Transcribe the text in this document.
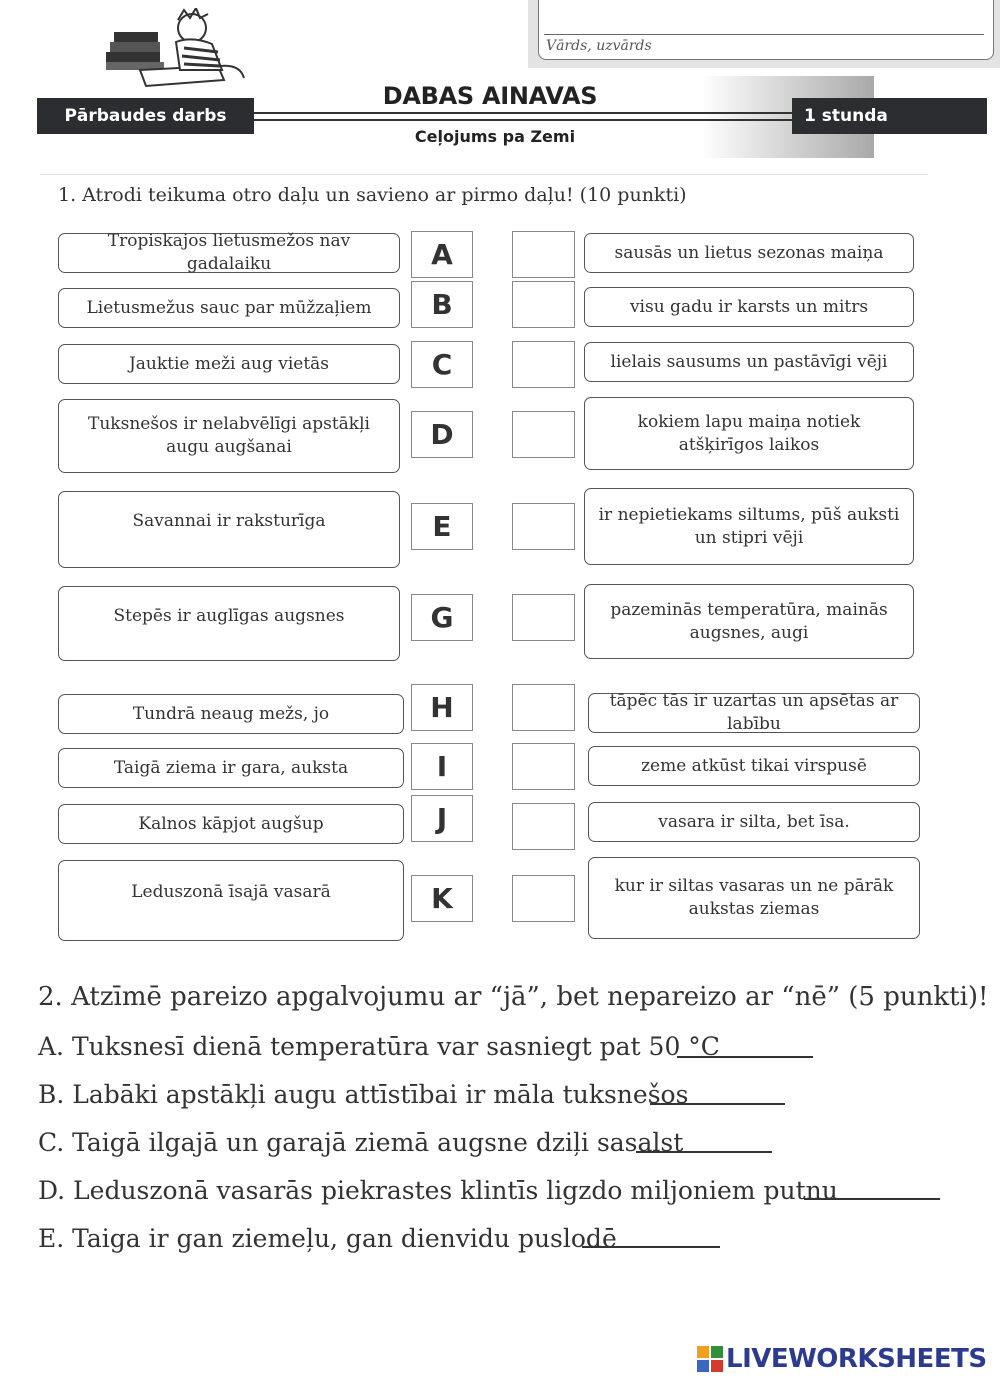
Vārds, uzvārds
Pārbaudes darbs	1 stunda
DABAS AINAVAS
Ceļojums pa Zemi
1. Atrodi teikuma otro daļu un savieno ar pirmo daļu! (10 punkti)
Tropiskajos lietusmežos nav gadalaiku	A	sausās un lietus sezonas maiņa
Lietusmežus sauc par mūžzaļiem	B	visu gadu ir karsts un mitrs
Jauktie meži aug vietās	C	lielais sausums un pastāvīgi vēji
Tuksnešos ir nelabvēlīgi apstākļi augu augšanai	D	kokiem lapu maiņa notiek atšķirīgos laikos
Savannai ir raksturīga	E	ir nepietiekams siltums, pūš auksti un stipri vēji
Stepēs ir auglīgas augsnes	G	pazeminās temperatūra, mainās augsnes, augi
Tundrā neaug mežs, jo	H	tāpēc tās ir uzartas un apsētas ar labību
Taigā ziema ir gara, auksta	I	zeme atkūst tikai virspusē
Kalnos kāpjot augšup	J	vasara ir silta, bet īsa.
Leduszonā īsajā vasarā	K	kur ir siltas vasaras un ne pārāk aukstas ziemas
2. Atzīmē pareizo apgalvojumu ar “jā”, bet nepareizo ar “nē” (5 punkti)!
A. Tuksnesī dienā temperatūra var sasniegt pat 50 °C
B. Labāki apstākļi augu attīstībai ir māla tuksnešos
C. Taigā ilgajā un garajā ziemā augsne dziļi sasalst
D. Leduszonā vasarās piekrastes klintīs ligzdo miljoniem putnu
E. Taiga ir gan ziemeļu, gan dienvidu puslodē
LIVEWORKSHEETS
